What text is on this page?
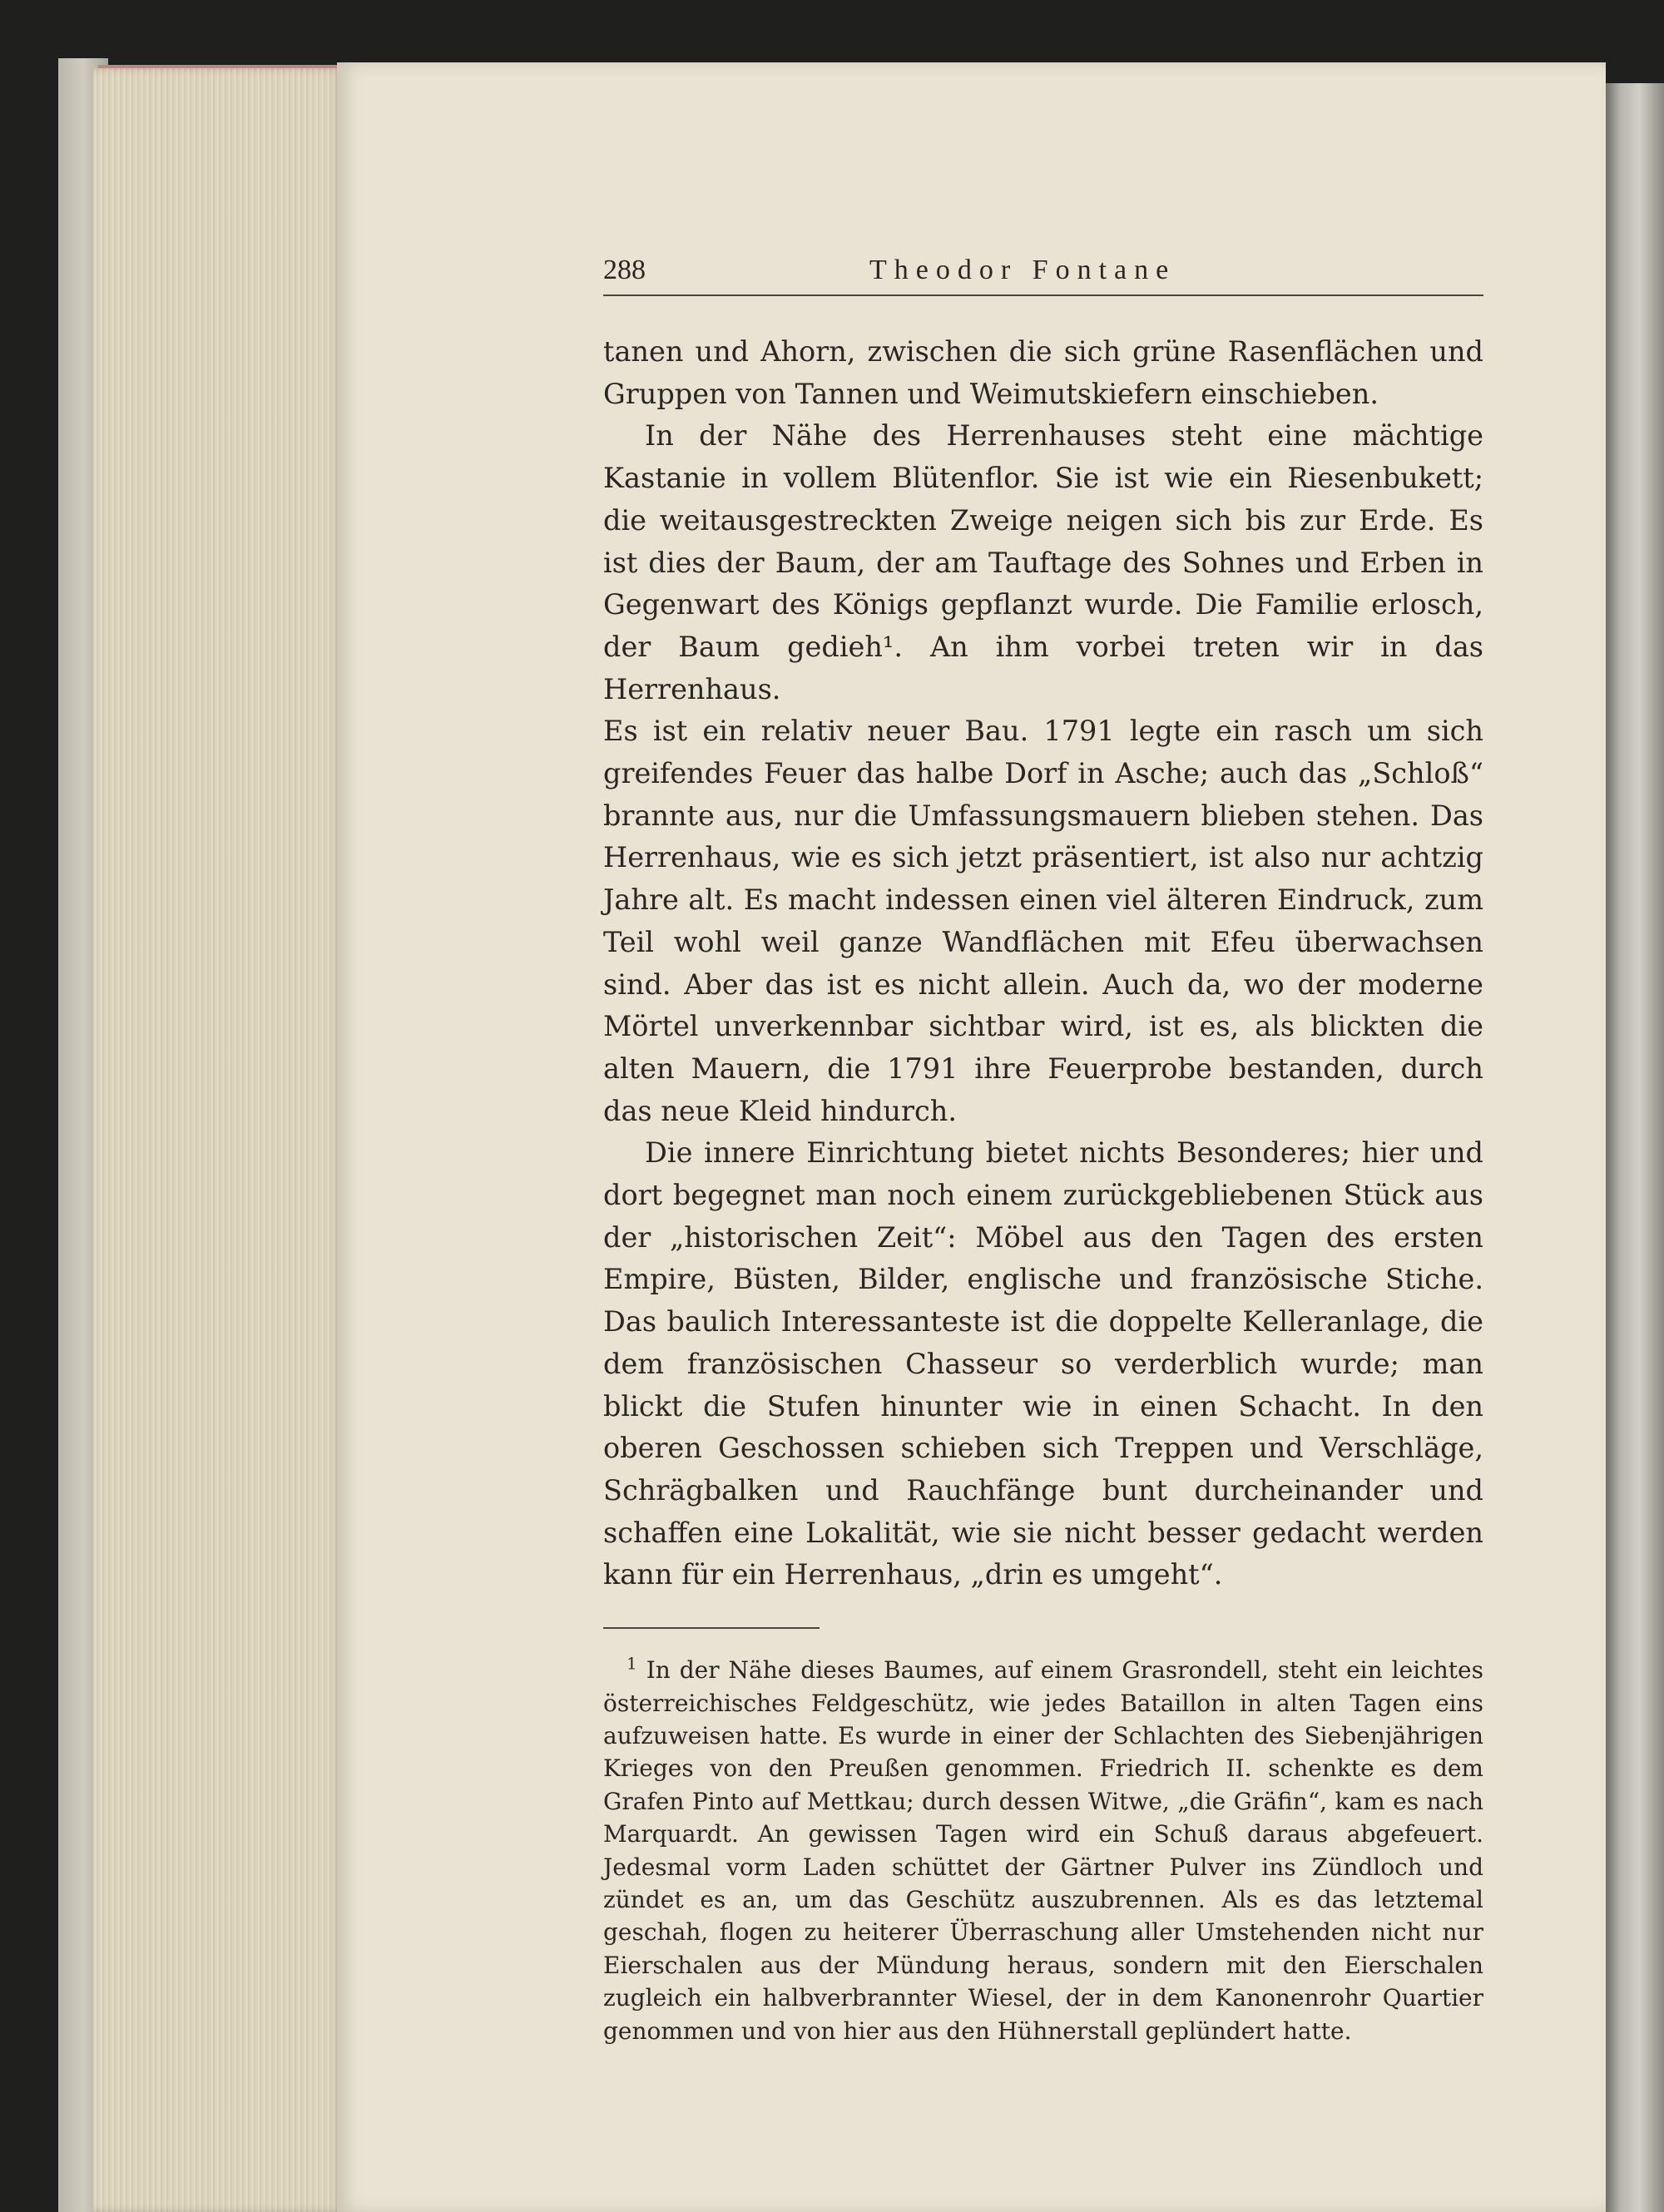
288	Theodor Fontane

tanen und Ahorn, zwischen die sich grüne Rasenflächen und Gruppen von Tannen und Weimutskiefern einschieben.

In der Nähe des Herrenhauses steht eine mächtige Kastanie in vollem Blütenflor. Sie ist wie ein Riesenbukett; die weitausgestreckten Zweige neigen sich bis zur Erde. Es ist dies der Baum, der am Tauftage des Sohnes und Erben in Gegenwart des Königs gepflanzt wurde. Die Familie erlosch, der Baum gedieh¹. An ihm vorbei treten wir in das Herrenhaus.

Es ist ein relativ neuer Bau. 1791 legte ein rasch um sich greifendes Feuer das halbe Dorf in Asche; auch das „Schloß“ brannte aus, nur die Umfassungsmauern blieben stehen. Das Herrenhaus, wie es sich jetzt präsentiert, ist also nur achtzig Jahre alt. Es macht indessen einen viel älteren Eindruck, zum Teil wohl weil ganze Wandflächen mit Efeu überwachsen sind. Aber das ist es nicht allein. Auch da, wo der moderne Mörtel unverkennbar sichtbar wird, ist es, als blickten die alten Mauern, die 1791 ihre Feuerprobe bestanden, durch das neue Kleid hindurch.

Die innere Einrichtung bietet nichts Besonderes; hier und dort begegnet man noch einem zurückgebliebenen Stück aus der „historischen Zeit“: Möbel aus den Tagen des ersten Empire, Büsten, Bilder, englische und französische Stiche. Das baulich Interessanteste ist die doppelte Kelleranlage, die dem französischen Chasseur so verderblich wurde; man blickt die Stufen hinunter wie in einen Schacht. In den oberen Geschossen schieben sich Treppen und Verschläge, Schrägbalken und Rauchfänge bunt durcheinander und schaffen eine Lokalität, wie sie nicht besser gedacht werden kann für ein Herrenhaus, „drin es umgeht“.

$^1$ In der Nähe dieses Baumes, auf einem Grasrondell, steht ein leichtes österreichisches Feldgeschütz, wie jedes Bataillon in alten Tagen eins aufzuweisen hatte. Es wurde in einer der Schlachten des Siebenjährigen Krieges von den Preußen genommen. Friedrich II. schenkte es dem Grafen Pinto auf Mettkau; durch dessen Witwe, „die Gräfin“, kam es nach Marquardt. An gewissen Tagen wird ein Schuß daraus abgefeuert. Jedesmal vorm Laden schüttet der Gärtner Pulver ins Zündloch und zündet es an, um das Geschütz auszubrennen. Als es das letztemal geschah, flogen zu heiterer Überraschung aller Umstehenden nicht nur Eierschalen aus der Mündung heraus, sondern mit den Eierschalen zugleich ein halbverbrannter Wiesel, der in dem Kanonenrohr Quartier genommen und von hier aus den Hühnerstall geplündert hatte.
